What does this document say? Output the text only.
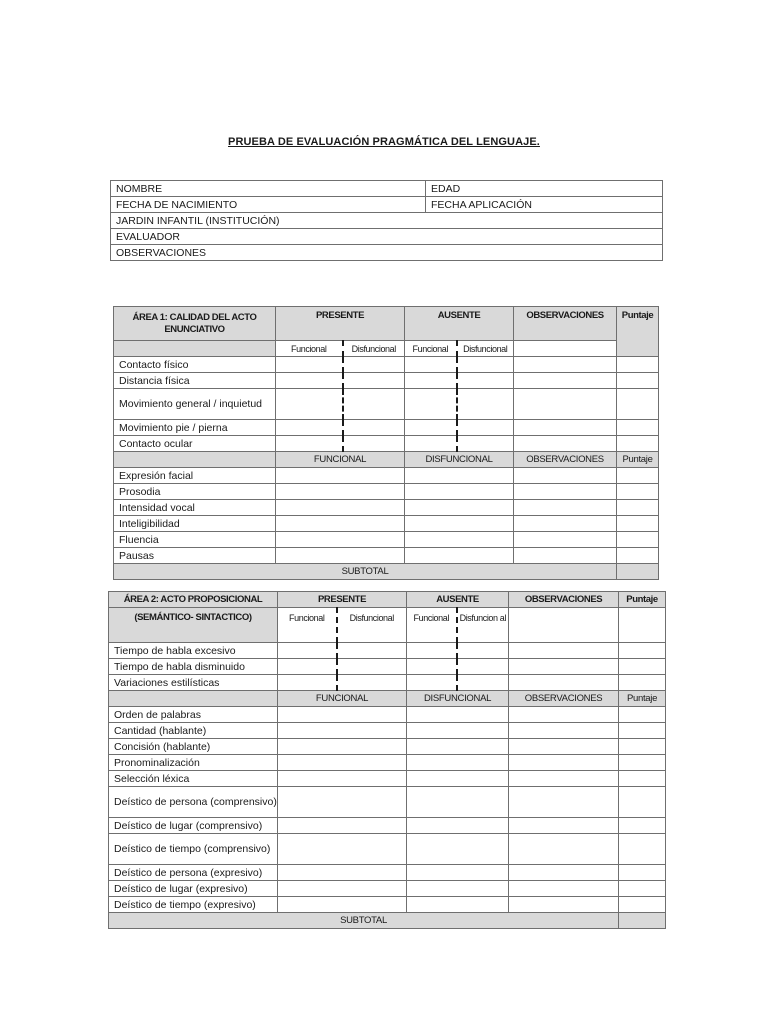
PRUEBA DE EVALUACIÓN PRAGMÁTICA DEL LENGUAJE.
NOMBRE	EDAD
FECHA DE NACIMIENTO	FECHA APLICACIÓN
JARDIN INFANTIL (INSTITUCIÓN)	
EVALUADOR	
OBSERVACIONES	
ÁREA 1: CALIDAD DEL ACTO ENUNCIATIVO	PRESENTE		AUSENTE		OBSERVACIONES	Puntaje
	Funcional	Disfuncional	Funcional	Disfuncional		
Contacto físico						
Distancia física						
Movimiento general / inquietud						
Movimiento pie / pierna						
Contacto ocular						
	FUNCIONAL		DISFUNCIONAL		OBSERVACIONES	Puntaje
Expresión facial						
Prosodia						
Intensidad vocal						
Inteligibilidad						
Fluencia						
Pausas						
SUBTOTAL						
ÁREA 2: ACTO PROPOSICIONAL	PRESENTE		AUSENTE		OBSERVACIONES	Puntaje
(SEMÁNTICO- SINTACTICO)	Funcional	Disfuncional	Funcional	Disfuncion al		
Tiempo de habla excesivo						
Tiempo de habla disminuido						
Variaciones estilísticas						
	FUNCIONAL		DISFUNCIONAL		OBSERVACIONES	Puntaje
Orden de palabras						
Cantidad (hablante)						
Concisión (hablante)						
Pronominalización						
Selección léxica						
Deístico de persona (comprensivo)						
Deístico de lugar (comprensivo)						
Deístico de tiempo (comprensivo)						
Deístico de persona (expresivo)						
Deístico de lugar (expresivo)						
Deístico de tiempo (expresivo)						
SUBTOTAL						
